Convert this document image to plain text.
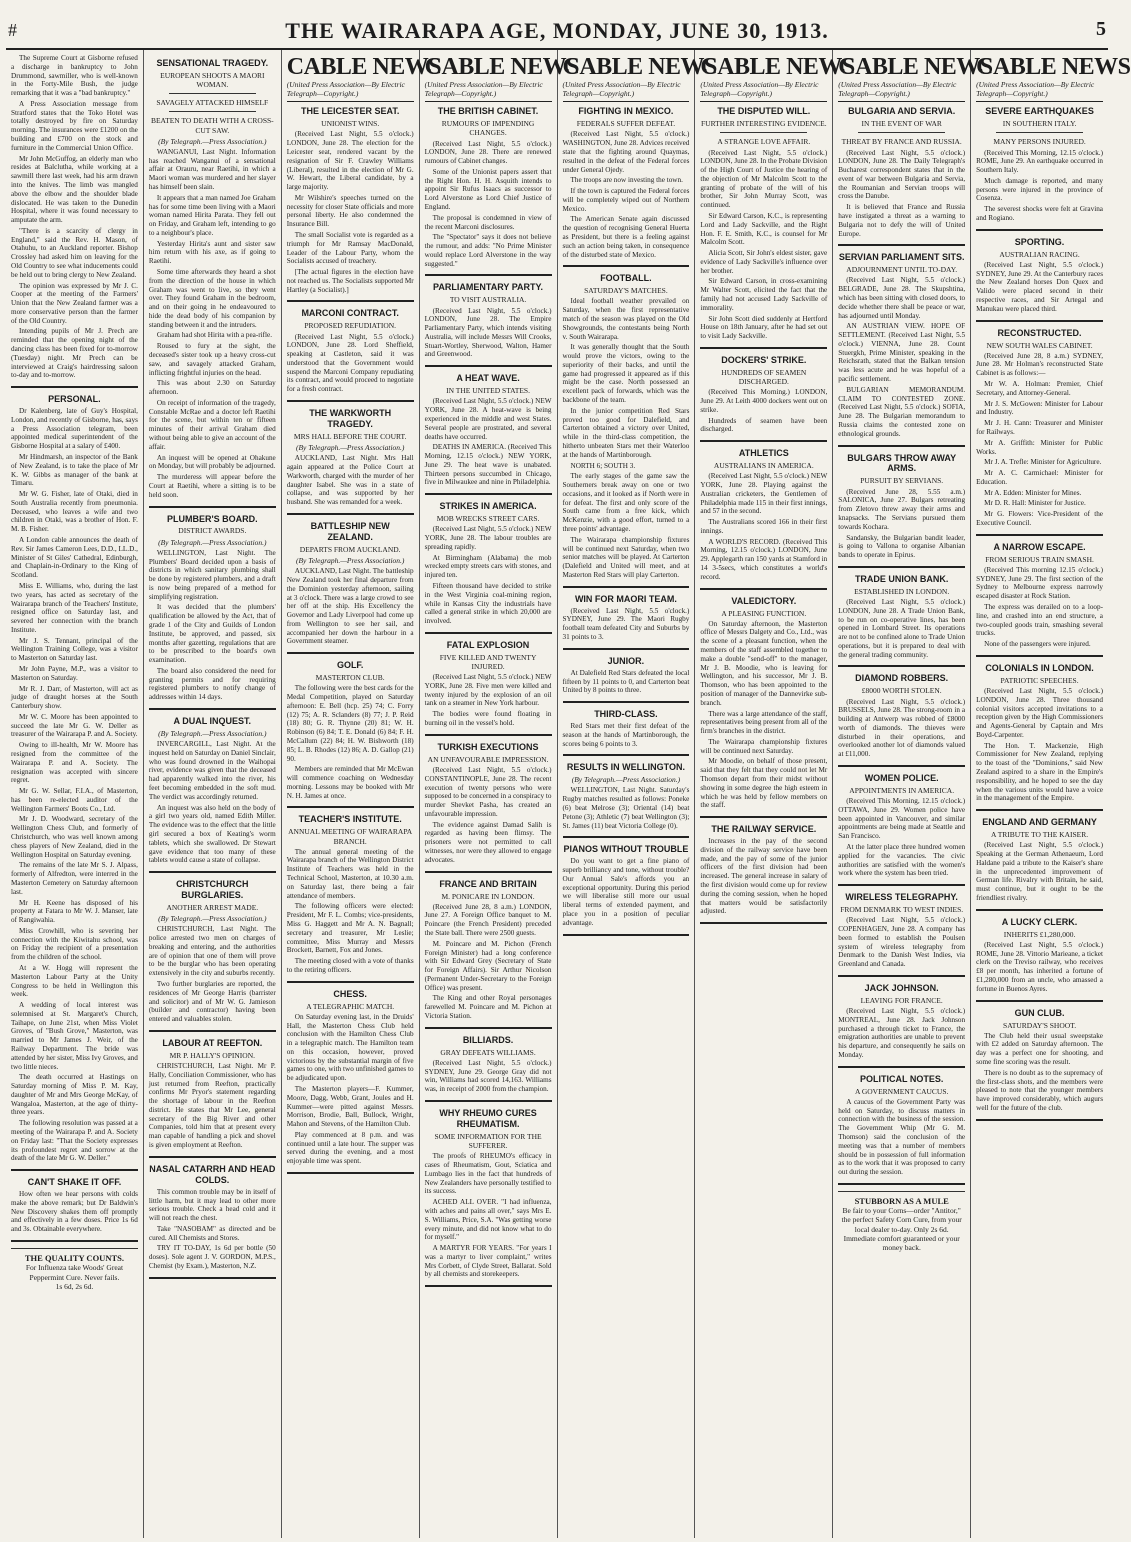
#	THE WAIRARAPA AGE, MONDAY, JUNE 30, 1913.	5

The Supreme Court at Gisborne refused a discharge in bankruptcy to John Drummond, sawmiller, who is well-known in the Forty-Mile Bush, the judge remarking that it was a "bad bankruptcy."

A Press Association message from Stratford states that the Toko Hotel was totally destroyed by fire on Saturday morning. The insurances were £1200 on the building and £700 on the stock and furniture in the Commercial Union Office.

Mr John McGuffog, an elderly man who resides at Balclutha, while working at a sawmill there last week, had his arm drawn into the knives. The limb was mangled above the elbow and the shoulder blade dislocated. He was taken to the Dunedin Hospital, where it was found necessary to amputate the arm.

"There is a scarcity of clergy in England," said the Rev. H. Mason, of Otahuhu, to an Auckland reporter. Bishop Crossley had asked him on leaving for the Old Country to see what inducements could be held out to bring clergy to New Zealand.

The opinion was expressed by Mr J. C. Cooper at the meeting of the Farmers' Union that the New Zealand farmer was a more conservative person than the farmer of the Old Country.

Intending pupils of Mr J. Prech are reminded that the opening night of the dancing class has been fixed for to-morrow (Tuesday) night. Mr Prech can be interviewed at Craig's hairdressing saloon to-day and to-morrow.

PERSONAL.

Dr Kalenberg, late of Guy's Hospital, London, and recently of Gisborne, has, says a Press Association telegram, been appointed medical superintendent of the Gisborne Hospital at a salary of £400.

Mr Hindmarsh, an inspector of the Bank of New Zealand, is to take the place of Mr K. W. Gibbs as manager of the bank at Timaru.

Mr W. G. Fisher, late of Otaki, died in South Australia recently from pneumonia. Deceased, who leaves a wife and two children in Otaki, was a brother of Hon. F. M. B. Fisher.

A London cable announces the death of Rev. Sir James Cameron Lees, D.D., LL.D., Minister of St Giles' Cathedral, Edinburgh, and Chaplain-in-Ordinary to the King of Scotland.

Miss E. Williams, who, during the last two years, has acted as secretary of the Wairarapa branch of the Teachers' Institute, resigned office on Saturday last, and severed her connection with the branch Institute.

Mr J. S. Tennant, principal of the Wellington Training College, was a visitor to Masterton on Saturday last.

Mr John Payne, M.P., was a visitor to Masterton on Saturday.

Mr R. J. Darr, of Masterton, will act as judge of draught horses at the South Canterbury show.

Mr W. C. Moore has been appointed to succeed the late Mr G. W. Deller as treasurer of the Wairarapa P. and A. Society.

Owing to ill-health, Mr W. Moore has resigned from the committee of the Wairarapa P. and A. Society. The resignation was accepted with sincere regret.

Mr G. W. Sellar, F.I.A., of Masterton, has been re-elected auditor of the Wellington Farmers' Boots Co., Ltd.

Mr J. D. Woodward, secretary of the Wellington Chess Club, and formerly of Christchurch, who was well known among chess players of New Zealand, died in the Wellington Hospital on Saturday evening.

The remains of the late Mr S. J. Alpass, formerly of Alfredton, were interred in the Masterton Cemetery on Saturday afternoon last.

Mr H. Keene has disposed of his property at Fatara to Mr W. J. Manser, late of Rangiwahia.

Miss Crowhill, who is severing her connection with the Kiwitahu school, was on Friday the recipient of a presentation from the children of the school.

At a W. Hogg will represent the Masterton Labour Party at the Unity Congress to be held in Wellington this week.

A wedding of local interest was solemnised at St. Margaret's Church, Taihape, on June 21st, when Miss Violet Groves, of "Bush Grove," Masterton, was married to Mr James J. Weir, of the Railway Department. The bride was attended by her sister, Miss Ivy Groves, and two little nieces.

The death occurred at Hastings on Saturday morning of Miss P. M. Kay, daughter of Mr and Mrs George McKay, of Wangaloa, Masterton, at the age of thirty-three years.

The following resolution was passed at a meeting of the Wairarapa P. and A. Society on Friday last: "That the Society expresses its profoundest regret and sorrow at the death of the late Mr G. W. Deller."

CAN'T SHAKE IT OFF.

How often we hear persons with colds make the above remark; but Dr Baldwin's New Discovery shakes them off promptly and effectively in a few doses. Price 1s 6d and 3s. Obtainable everywhere.

THE QUALITY COUNTS.
For Influenza take Woods' Great Peppermint Cure. Never fails.
1s 6d, 2s 6d.
SENSATIONAL TRAGEDY.
EUROPEAN SHOOTS A MAORI WOMAN.
SAVAGELY ATTACKED HIMSELF
BEATEN TO DEATH WITH A CROSS-CUT SAW.
(By Telegraph.—Press Association.)

WANGANUI, Last Night. Information has reached Wanganui of a sensational affair at Orauru, near Raetihi, in which a Maori woman was murdered and her slayer has himself been slain.

It appears that a man named Joe Graham has for some time been living with a Maori woman named Hirita Parata. They fell out on Friday, and Graham left, intending to go to a neighbour's place.

Yesterday Hirita's aunt and sister saw him return with his axe, as if going to Raetihi.

Some time afterwards they heard a shot from the direction of the house in which Graham was went to live, so they went over. They found Graham in the bedroom, and on their going in he endeavoured to hide the dead body of his companion by standing between it and the intruders.

Graham had shot Hirita with a pea-rifle.

Roused to fury at the sight, the deceased's sister took up a heavy cross-cut saw, and savagely attacked Graham, inflicting frightful injuries on the head.

This was about 2.30 on Saturday afternoon.

On receipt of information of the tragedy, Constable McRae and a doctor left Raetihi for the scene, but within ten or fifteen minutes of their arrival Graham died without being able to give an account of the affair.

An inquest will be opened at Ohakune on Monday, but will probably be adjourned.

The murderess will appear before the Court at Raetihi, where a sitting is to be held soon.

PLUMBER'S BOARD.
DISTRICT AWARDS.
(By Telegraph.—Press Association.)

WELLINGTON, Last Night. The Plumbers' Board decided upon a basis of districts in which sanitary plumbing shall be done by registered plumbers, and a draft is now being prepared of a method for simplifying registration.

It was decided that the plumbers' qualification be allowed by the Act, that of grade 1 of the City and Guilds of London Institute, be approved, and passed, six months after gazetting, regulations that are to be prescribed to the board's own examination.

The board also considered the need for granting permits and for requiring registered plumbers to notify change of addresses within 14 days.

A DUAL INQUEST.
(By Telegraph.—Press Association.)

INVERCARGILL, Last Night. At the inquest held on Saturday on Daniel Sinclair, who was found drowned in the Waihopai river, evidence was given that the deceased had apparently walked into the river, his feet becoming embedded in the soft mud. The verdict was accordingly returned.

An inquest was also held on the body of a girl two years old, named Edith Miller. The evidence was to the effect that the little girl secured a box of Keating's worm tablets, which she swallowed. Dr Stewart gave evidence that too many of these tablets would cause a state of collapse.

CHRISTCHURCH BURGLARIES.
ANOTHER ARREST MADE.
(By Telegraph.—Press Association.)

CHRISTCHURCH, Last Night. The police arrested two men on charges of breaking and entering, and the authorities are of opinion that one of them will prove to be the burglar who has been operating extensively in the city and suburbs recently.

Two further burglaries are reported, the residences of Mr George Harris (barrister and solicitor) and of Mr W. G. Jamieson (builder and contractor) having been entered and valuables stolen.

LABOUR AT REEFTON.
MR P. HALLY'S OPINION.

CHRISTCHURCH, Last Night. Mr P. Hally, Conciliation Commissioner, who has just returned from Reefton, practically confirms Mr Pryor's statement regarding the shortage of labour in the Reefton district. He states that Mr Lee, general secretary of the Big River and other Companies, told him that at present every man capable of handling a pick and shovel is given employment at Reefton.

NASAL CATARRH AND HEAD COLDS.

This common trouble may be in itself of little harm, but it may lead to other more serious trouble. Check a head cold and it will not reach the chest.

Take "NASOBAM" as directed and be cured. All Chemists and Stores.

TRY IT TO-DAY, 1s 6d per bottle (50 doses). Sole agent J. V. GORDON, M.P.S., Chemist (by Exam.), Masterton, N.Z.

CABLE NEWS
(United Press Association—By Electric Telegraph—Copyright.)
THE LEICESTER SEAT.
UNIONIST WINS.

(Received Last Night, 5.5 o'clock.) LONDON, June 28. The election for the Leicester seat, rendered vacant by the resignation of Sir F. Crawley Williams (Liberal), resulted in the election of Mr G. W. Hewart, the Liberal candidate, by a large majority.

Mr Wilshire's speeches turned on the necessity for closer State officials and more personal liberty. He also condemned the Insurance Bill.

The small Socialist vote is regarded as a triumph for Mr Ramsay MacDonald, Leader of the Labour Party, whom the Socialists accused of treachery.

[The actual figures in the election have not reached us. The Socialists supported Mr Hartley (a Socialist).]

MARCONI CONTRACT.
PROPOSED REFUDIATION.

(Received Last Night, 5.5 o'clock.) LONDON, June 28. Lord Sheffield, speaking at Castleton, said it was understood that the Government would suspend the Marconi Company repudiating its contract, and would proceed to negotiate for a fresh contract.

THE WARKWORTH TRAGEDY.
MRS HALL BEFORE THE COURT.
(By Telegraph.—Press Association.)

AUCKLAND, Last Night. Mrs Hall again appeared at the Police Court at Warkworth, charged with the murder of her daughter Isabel. She was in a state of collapse, and was supported by her husband. She was remanded for a week.

BATTLESHIP NEW ZEALAND.
DEPARTS FROM AUCKLAND.
(By Telegraph.—Press Association.)

AUCKLAND, Last Night. The battleship New Zealand took her final departure from the Dominion yesterday afternoon, sailing at 3 o'clock. There was a large crowd to see her off at the ship. His Excellency the Governor and Lady Liverpool had come up from Wellington to see her sail, and accompanied her down the harbour in a Government steamer.

GOLF.
MASTERTON CLUB.

The following were the best cards for the Medal Competition, played on Saturday afternoon: E. Bell (hcp. 25) 74; C. Forry (12) 75; A. R. Sclanders (8) 77; J. P. Reid (18) 80; G. R. Thynne (20) 81; W. H. Robinson (6) 84; T. E. Donald (6) 84; F. H. McCallum (22) 84; H. W. Bishworth (18) 85; L. B. Rhodes (12) 86; A. D. Gallop (21) 90.

Members are reminded that Mr McEwan will commence coaching on Wednesday morning. Lessons may be booked with Mr N. H. James at once.

TEACHER'S INSTITUTE.
ANNUAL MEETING OF WAIRARAPA BRANCH.

The annual general meeting of the Wairarapa branch of the Wellington District Institute of Teachers was held in the Technical School, Masterton, at 10.30 a.m. on Saturday last, there being a fair attendance of members.

The following officers were elected: President, Mr F. L. Combs; vice-presidents, Miss G. Haggett and Mr A. N. Bagnall; secretary and treasurer, Mr Leslie; committee, Miss Murray and Messrs Brockett, Barnett, Fox and Jones.

The meeting closed with a vote of thanks to the retiring officers.

CHESS.
A TELEGRAPHIC MATCH.

On Saturday evening last, in the Druids' Hall, the Masterton Chess Club held conclusion with the Hamilton Chess Club in a telegraphic match. The Hamilton team on this occasion, however, proved victorious by the substantial margin of five games to one, with two unfinished games to be adjudicated upon.

The Masterton players—F. Kummer, Moore, Dagg, Webb, Grant, Joules and H. Kummer—were pitted against Messrs. Morrison, Brodie, Ball, Bullock, Wright, Mahon and Stevens, of the Hamilton Club.

Play commenced at 8 p.m. and was continued until a late hour. The supper was served during the evening, and a most enjoyable time was spent.

CABLE NEWS
(United Press Association—By Electric Telegraph—Copyright.)
THE BRITISH CABINET.
RUMOURS OF IMPENDING CHANGES.

(Received Last Night, 5.5 o'clock.) LONDON, June 28. There are renewed rumours of Cabinet changes.

Some of the Unionist papers assert that the Right Hon. H. H. Asquith intends to appoint Sir Rufus Isaacs as successor to Lord Alverstone as Lord Chief Justice of England.

The proposal is condemned in view of the recent Marconi disclosures.

The "Spectator" says it does not believe the rumour, and adds: "No Prime Minister would replace Lord Alverstone in the way suggested."

PARLIAMENTARY PARTY.
TO VISIT AUSTRALIA.

(Received Last Night, 5.5 o'clock.) LONDON, June 28. The Empire Parliamentary Party, which intends visiting Australia, will include Messrs Will Crooks, Stuart-Wortley, Sherwood, Walton, Hamer and Greenwood.

A HEAT WAVE.
IN THE UNITED STATES.

(Received Last Night, 5.5 o'clock.) NEW YORK, June 28. A heat-wave is being experienced in the middle and west States. Several people are prostrated, and several deaths have occurred.

DEATHS IN AMERICA. (Received This Morning, 12.15 o'clock.) NEW YORK, June 29. The heat wave is unabated. Thirteen persons succumbed in Chicago, five in Milwaukee and nine in Philadelphia.

STRIKES IN AMERICA.
MOB WRECKS STREET CARS.

(Received Last Night, 5.5 o'clock.) NEW YORK, June 28. The labour troubles are spreading rapidly.

At Birmingham (Alabama) the mob wrecked empty streets cars with stones, and injured ten.

Fifteen thousand have decided to strike in the West Virginia coal-mining region, while in Kansas City the industrials have called a general strike in which 20,000 are involved.

FATAL EXPLOSION
FIVE KILLED AND TWENTY INJURED.

(Received Last Night, 5.5 o'clock.) NEW YORK, June 28. Five men were killed and twenty injured by the explosion of an oil tank on a steamer in New York harbour.

The bodies were found floating in burning oil in the vessel's hold.

TURKISH EXECUTIONS
AN UNFAVOURABLE IMPRESSION.

(Received Last Night, 5.5 o'clock.) CONSTANTINOPLE, June 28. The recent execution of twenty persons who were supposed to be concerned in a conspiracy to murder Shevket Pasha, has created an unfavourable impression.

The evidence against Damad Salih is regarded as having been flimsy. The prisoners were not permitted to call witnesses, nor were they allowed to engage advocates.

FRANCE AND BRITAIN
M. PONICARE IN LONDON.

(Received June 28, 8 a.m.) LONDON, June 27. A Foreign Office banquet to M. Poincare (the French President) preceded the State ball. There were 2500 guests.

M. Poincare and M. Pichon (French Foreign Minister) had a long conference with Sir Edward Grey (Secretary of State for Foreign Affairs). Sir Arthur Nicolson (Permanent Under-Secretary to the Foreign Office) was present.

The King and other Royal personages farewelled M. Poincare and M. Pichon at Victoria Station.

BILLIARDS.
GRAY DEFEATS WILLIAMS.

(Received Last Night, 5.5 o'clock.) SYDNEY, June 29. George Gray did not win, Williams had scored 14,163. Williams was, in receipt of 2000 from the champion.

WHY RHEUMO CURES RHEUMATISM.
SOME INFORMATION FOR THE SUFFERER.

The proofs of RHEUMO's efficacy in cases of Rheumatism, Gout, Sciatica and Lumbago lies in the fact that hundreds of New Zealanders have personally testified to its success.

ACHED ALL OVER. "I had influenza, with aches and pains all over," says Mrs E. S. Williams, Price, S.A. "Was getting worse every minute, and did not know what to do for myself."

A MARTYR FOR YEARS. "For years I was a martyr to liver complaint," writes Mrs Corbett, of Clyde Street, Ballarat. Sold by all chemists and storekeepers.

CABLE NEWS
(United Press Association—By Electric Telegraph—Copyright.)
FIGHTING IN MEXICO.
FEDERALS SUFFER DEFEAT.

(Received Last Night, 5.5 o'clock.) WASHINGTON, June 28. Advices received state that the fighting around Quaymas, resulted in the defeat of the Federal forces under General Ojedy.

The troops are now investing the town.

If the town is captured the Federal forces will be completely wiped out of Northern Mexico.

The American Senate again discussed the question of recognising General Huerta as President, but there is a feeling against such an action being taken, in consequence of the disturbed state of Mexico.

FOOTBALL.
SATURDAY'S MATCHES.

Ideal football weather prevailed on Saturday, when the first representative match of the season was played on the Old Showgrounds, the contestants being North v. South Wairarapa.

It was generally thought that the South would prove the victors, owing to the superiority of their backs, and until the game had progressed it appeared as if this might be the case. North possessed an excellent pack of forwards, which was the backbone of the team.

In the junior competition Red Stars proved too good for Dalefield, and Carterton obtained a victory over United, while in the third-class competition, the hitherto unbeaten Stars met their Waterloo at the hands of Martinborough.

NORTH 6; SOUTH 3.

The early stages of the game saw the Southerners break away on one or two occasions, and it looked as if North were in for defeat. The first and only score of the South came from a free kick, which McKenzie, with a good effort, turned to a three points' advantage.

The Wairarapa championship fixtures will be continued next Saturday, when two senior matches will be played. At Carterton (Dalefield and United will meet, and at Masterton Red Stars will play Carterton.

WIN FOR MAORI TEAM.

(Received Last Night, 5.5 o'clock.) SYDNEY, June 29. The Maori Rugby football team defeated City and Suburbs by 31 points to 3.

JUNIOR.

At Dalefield Red Stars defeated the local fifteen by 11 points to 0, and Carterton beat United by 8 points to three.

THIRD-CLASS.

Red Stars met their first defeat of the season at the hands of Martinborough, the scores being 6 points to 3.

RESULTS IN WELLINGTON.
(By Telegraph.—Press Association.)

WELLINGTON, Last Night. Saturday's Rugby matches resulted as follows: Poneke (6) beat Melrose (3); Oriental (14) beat Petone (3); Athletic (7) beat Wellington (3); St. James (11) beat Victoria College (0).

PIANOS WITHOUT TROUBLE

Do you want to get a fine piano of superb brilliancy and tone, without trouble? Our Annual Sale's affords you an exceptional opportunity. During this period we will liberalise still more our usual liberal terms of extended payment, and place you in a position of peculiar advantage.

CABLE NEWS
(United Press Association—By Electric Telegraph—Copyright.)
THE DISPUTED WILL.
FURTHER INTERESTING EVIDENCE.
A STRANGE LOVE AFFAIR.

(Received Last Night, 5.5 o'clock.) LONDON, June 28. In the Probate Division of the High Court of Justice the hearing of the objection of Mr Malcolm Scott to the granting of probate of the will of his brother, Sir John Murray Scott, was continued.

Sir Edward Carson, K.C., is representing Lord and Lady Sackville, and the Right Hon. F. E. Smith, K.C., is counsel for Mr Malcolm Scott.

Alicia Scott, Sir John's eldest sister, gave evidence of Lady Sackville's influence over her brother.

Sir Edward Carson, in cross-examining Mr Walter Scott, elicited the fact that the family had not accused Lady Sackville of immorality.

Sir John Scott died suddenly at Hertford House on 18th January, after he had set out to visit Lady Sackville.

DOCKERS' STRIKE.
HUNDREDS OF SEAMEN DISCHARGED.

(Received This Morning.) LONDON, June 29. At Leith 4000 dockers went out on strike.

Hundreds of seamen have been discharged.

ATHLETICS
AUSTRALIANS IN AMERICA.

(Received Last Night, 5.5 o'clock.) NEW YORK, June 28. Playing against the Australian cricketers, the Gentlemen of Philadelphia made 115 in their first innings, and 57 in the second.

The Australians scored 166 in their first innings.

A WORLD'S RECORD. (Received This Morning, 12.15 o'clock.) LONDON, June 29. Applegarth ran 150 yards at Stamford in 14 3-5secs, which constitutes a world's record.

VALEDICTORY.
A PLEASING FUNCTION.

On Saturday afternoon, the Masterton office of Messrs Dalgety and Co., Ltd., was the scene of a pleasant function, when the members of the staff assembled together to make a double "send-off" to the manager, Mr J. B. Moodie, who is leaving for Wellington, and his successor, Mr J. B. Thomson, who has been appointed to the position of manager of the Dannevirke sub-branch.

There was a large attendance of the staff, representatives being present from all of the firm's branches in the district.

The Wairarapa championship fixtures will be continued next Saturday.

Mr Moodie, on behalf of those present, said that they felt that they could not let Mr Thomson depart from their midst without showing in some degree the high esteem in which he was held by fellow members on the staff.

THE RAILWAY SERVICE.

Increases in the pay of the second division of the railway service have been made, and the pay of some of the junior officers of the first division had been increased. The general increase in salary of the first division would come up for review during the coming session, when he hoped that matters would be satisfactorily adjusted.

CABLE NEWS
(United Press Association—By Electric Telegraph—Copyright.)
BULGARIA AND SERVIA.
IN THE EVENT OF WAR
THREAT BY FRANCE AND RUSSIA.

(Received Last Night, 5.5 o'clock.) LONDON, June 28. The Daily Telegraph's Bucharest correspondent states that in the event of war between Bulgaria and Servia, the Roumanian and Servian troops will cross the Danube.

It is believed that France and Russia have instigated a threat as a warning to Bulgaria not to defy the will of United Europe.

SERVIAN PARLIAMENT SITS.
ADJOURNMENT UNTIL TO-DAY.

(Received Last Night, 5.5 o'clock.) BELGRADE, June 28. The Skupshtina, which has been sitting with closed doors, to decide whether there shall be peace or war, has adjourned until Monday.

AN AUSTRIAN VIEW. HOPE OF SETTLEMENT. (Received Last Night, 5.5 o'clock.) VIENNA, June 28. Count Stuergkh, Prime Minister, speaking in the Reichsrath, stated that the Balkan tension was less acute and he was hopeful of a pacific settlement.

BULGARIAN MEMORANDUM. CLAIM TO CONTESTED ZONE. (Received Last Night, 5.5 o'clock.) SOFIA, June 28. The Bulgarian memorandum to Russia claims the contested zone on ethnological grounds.

BULGARS THROW AWAY ARMS.
PURSUIT BY SERVIANS.

(Received June 28, 5.55 a.m.) SALONICA, June 27. Bulgars retreating from Zletovo threw away their arms and knapsacks. The Servians pursued them towards Kochara.

Sandansky, the Bulgarian bandit leader, is going to Vallona to organise Albanian bands to operate in Epirus.

TRADE UNION BANK.
ESTABLISHED IN LONDON.

(Received Last Night, 5.5 o'clock.) LONDON, June 28. A Trade Union Bank, to be run on co-operative lines, has been opened in Lombard Street. Its operations are not to be confined alone to Trade Union operations, but it is prepared to deal with the general trading community.

DIAMOND ROBBERS.
£8000 WORTH STOLEN.

(Received Last Night, 5.5 o'clock.) BRUSSELS, June 28. The strong-room in a building at Antwerp was robbed of £8000 worth of diamonds. The thieves were disturbed in their operations, and overlooked another lot of diamonds valued at £11,000.

WOMEN POLICE.
APPOINTMENTS IN AMERICA.

(Received This Morning, 12.15 o'clock.) OTTAWA, June 29. Women police have been appointed in Vancouver, and similar appointments are being made at Seattle and San Francisco.

At the latter place three hundred women applied for the vacancies. The civic authorities are satisfied with the women's work where the system has been tried.

WIRELESS TELEGRAPHY.
FROM DENMARK TO WEST INDIES.

(Received Last Night, 5.5 o'clock.) COPENHAGEN, June 28. A company has been formed to establish the Poulsen system of wireless telegraphy from Denmark to the Danish West Indies, via Greenland and Canada.

JACK JOHNSON.
LEAVING FOR FRANCE.

(Received Last Night, 5.5 o'clock.) MONTREAL, June 28. Jack Johnson purchased a through ticket to France, the emigration authorities are unable to prevent his departure, and consequently he sails on Monday.

POLITICAL NOTES.
A GOVERNMENT CAUCUS.

A caucus of the Government Party was held on Saturday, to discuss matters in connection with the business of the session. The Government Whip (Mr G. M. Thomson) said the conclusion of the meeting was that a number of members should be in possession of full information as to the work that it was proposed to carry out during the session.

STUBBORN AS A MULE
Be fair to your Corns—order "Antitor," the perfect Safety Corn Cure, from your local dealer to-day. Only 2s 6d. Immediate comfort guaranteed or your money back.
CABLE NEWS
(United Press Association—By Electric Telegraph—Copyright.)
SEVERE EARTHQUAKES
IN SOUTHERN ITALY.
MANY PERSONS INJURED.

(Received This Morning, 12.15 o'clock.) ROME, June 29. An earthquake occurred in Southern Italy.

Much damage is reported, and many persons were injured in the province of Cosenza.

The severest shocks were felt at Gravina and Rogiano.

SPORTING.
AUSTRALIAN RACING.

(Received Last Night, 5.5 o'clock.) SYDNEY, June 29. At the Canterbury races the New Zealand horses Don Quex and Valido were placed second in their respective races, and Sir Artegal and Manukau were placed third.

RECONSTRUCTED.
NEW SOUTH WALES CABINET.

(Received June 28, 8 a.m.) SYDNEY, June 28. Mr Holman's reconstructed State Cabinet is as follows:—

Mr W. A. Holman: Premier, Chief Secretary, and Attorney-General.

Mr J. S. McGowen: Minister for Labour and Industry.

Mr J. H. Cann: Treasurer and Minister for Railways.

Mr A. Griffith: Minister for Public Works.

Mr J. A. Trefle: Minister for Agriculture.

Mr A. C. Carmichael: Minister for Education.

Mr A. Edden: Minister for Mines.

Mr D. R. Hall: Minister for Justice.

Mr G. Flowers: Vice-President of the Executive Council.

A NARROW ESCAPE.
FROM SERIOUS TRAIN SMASH.

(Received This morning 12.15 o'clock.) SYDNEY, June 29. The first section of the Sydney to Melbourne express narrowly escaped disaster at Rock Station.

The express was derailed on to a loop-line, and crashed into an end structure, a two-coupled goods train, smashing several trucks.

None of the passengers were injured.

COLONIALS IN LONDON.
PATRIOTIC SPEECHES.

(Received Last Night, 5.5 o'clock.) LONDON, June 28. Three thousand colonial visitors accepted invitations to a reception given by the High Commissioners and Agents-General by Captain and Mrs Boyd-Carpenter.

The Hon. T. Mackenzie, High Commissioner for New Zealand, replying to the toast of the "Dominions," said New Zealand aspired to a share in the Empire's responsibility, and he hoped to see the day when the various units would have a voice in the management of the Empire.

ENGLAND AND GERMANY
A TRIBUTE TO THE KAISER.

(Received Last Night, 5.5 o'clock.) Speaking at the German Athenaeum, Lord Haldane paid a tribute to the Kaiser's share in the unprecedented improvement of German life. Rivalry with Britain, he said, must continue, but it ought to be the friendliest rivalry.

A LUCKY CLERK.
INHERITS £1,280,000.

(Received Last Night, 5.5 o'clock.) ROME, June 28. Vittorio Marieane, a ticket clerk on the Treviso railway, who receives £8 per month, has inherited a fortune of £1,280,000 from an uncle, who amassed a fortune in Buenos Ayres.

GUN CLUB.
SATURDAY'S SHOOT.

The Club held their usual sweepstake with £2 added on Saturday afternoon. The day was a perfect one for shooting, and some fine scoring was the result.

There is no doubt as to the supremacy of the first-class shots, and the members were pleased to note that the younger members have improved considerably, which augurs well for the future of the club.
